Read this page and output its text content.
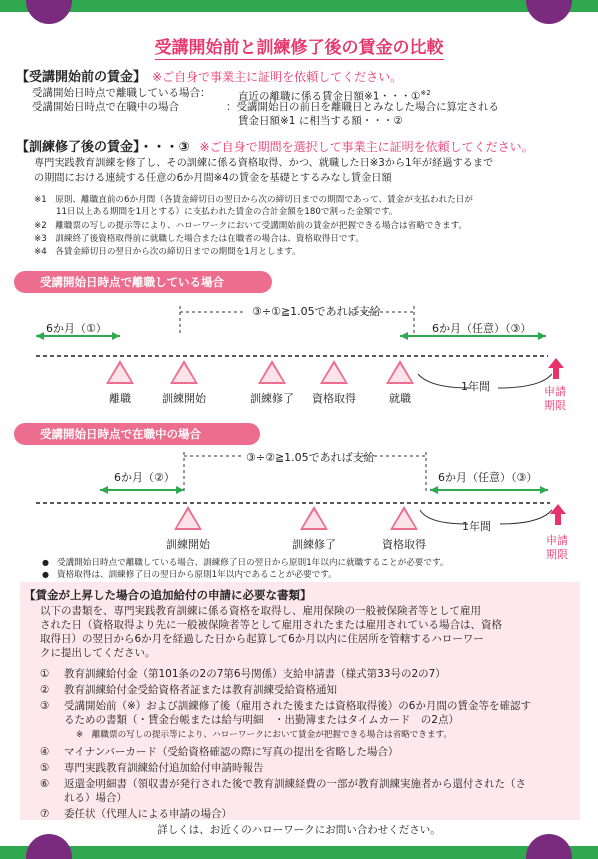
受講開始前と訓練修了後の賃金の比較
【受講開始前の賃金】 ※ご自身で事業主に証明を依頼してください。
受講開始日時点で離職している場合：	直近の離職に係る賃金日額※1・・・①$^{※2}$
受講開始日時点で在職中の場合	：受講開始日の前日を離職日とみなした場合に算定される
賃金日額※1 に相当する額・・・②
【訓練修了後の賃金】・・・③ ※ご自身で期間を選択して事業主に証明を依頼してください。
専門実践教育訓練を修了し、その訓練に係る資格取得、かつ、就職した日※3から1年が経過するまで
の期間における連続する任意の6か月間※4の賃金を基礎とするみなし賃金日額
※1　原則、離職直前の6か月間（各賃金締切日の翌日から次の締切日までの期間であって、賃金が支払われた日が
11日以上ある期間を1月とする）に支払われた賃金の合計金額を180で割った金額です。
※2　離職票の写しの提示等により、ハローワークにおいて受講開始前の賃金が把握できる場合は省略できます。
※3　訓練終了後資格取得前に就職した場合または在職者の場合は、資格取得日です。
※4　各賃金締切日の翌日から次の締切日までの期間を1月とします。
受講開始日時点で離職している場合
③÷①≧1.05であれば支給
6か月（①）	6か月（任意）（③）
1年間	申請
期限
離職	訓練開始	訓練修了	資格取得	就職
受講開始日時点で在職中の場合
③÷②≧1.05であれば支給
6か月（②）	6か月（任意）（③）
1年間
申請
期限
訓練開始	訓練修了	資格取得
●　受講開始日時点で離職している場合、訓練修了日の翌日から原則1年以内に就職することが必要です。
●　資格取得は、訓練修了日の翌日から原則1年以内であることが必要です。
【賃金が上昇した場合の追加給付の申請に必要な書類】
以下の書類を、専門実践教育訓練に係る資格を取得し、雇用保険の一般被保険者等として雇用
された日（資格取得より先に一般被保険者等として雇用されたまたは雇用されている場合は、資格
取得日）の翌日から6か月を経過した日から起算して6か月以内に住居所を管轄するハローワー
クに提出してください。
① 教育訓練給付金（第101条の2の7第6号関係）支給申請書（様式第33号の2の7）
② 教育訓練給付金受給資格者証または教育訓練受給資格通知
③ 受講開始前（※）および訓練修了後（雇用された後または資格取得後）の6か月間の賃金等を確認す
るための書類（・賃金台帳または給与明細　・出勤簿またはタイムカード　の2点）
※　離職票の写しの提示等により、ハローワークにおいて賃金が把握できる場合は省略できます。
④ マイナンバーカード（受給資格確認の際に写真の提出を省略した場合）
⑤ 専門実践教育訓練給付追加給付申請時報告
⑥ 返還金明細書（領収書が発行された後で教育訓練経費の一部が教育訓練実施者から還付された（さ
れる）場合）
⑦ 委任状（代理人による申請の場合）
詳しくは、お近くのハローワークにお問い合わせください。
